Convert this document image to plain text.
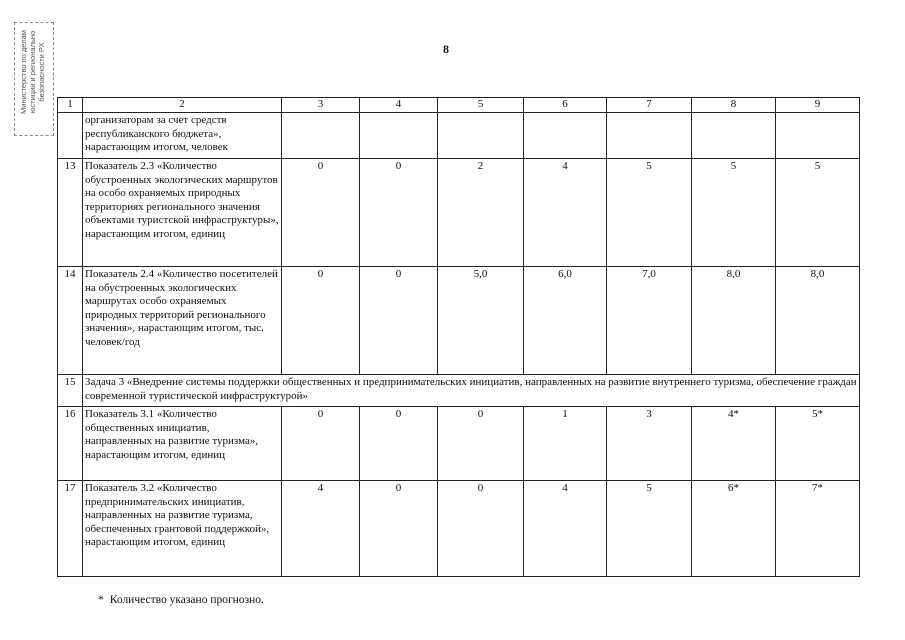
Министерство по делам юстиции и регионально безопасности РХ	8
1	2	3	4	5	6	7	8	9
	организаторам за счет средств республиканского бюджета», нарастающим итогом, человек							
13	Показатель 2.3 «Количество обустроенных экологических маршрутов на особо охраняемых природных территориях регионального значения объектами туристской инфраструктуры», нарастающим итогом, единиц	0	0	2	4	5	5	5
14	Показатель 2.4 «Количество посетителей на обустроенных экологических маршрутах особо охраняемых природных территорий регионального значения», нарастающим итогом, тыс. человек/год	0	0	5,0	6,0	7,0	8,0	8,0
15	Задача 3 «Внедрение системы поддержки общественных и предпринимательских инициатив, направленных на развитие внутреннего туризма, обеспечение граждан современной туристической инфраструктурой»							
16	Показатель 3.1 «Количество общественных инициатив, направленных на развитие туризма», нарастающим итогом, единиц	0	0	0	1	3	4*	5*
17	Показатель 3.2 «Количество предпринимательских инициатив, направленных на развитие туризма, обеспеченных грантовой поддержкой», нарастающим итогом, единиц	4	0	0	4	5	6*	7*
* Количество указано прогнозно.
